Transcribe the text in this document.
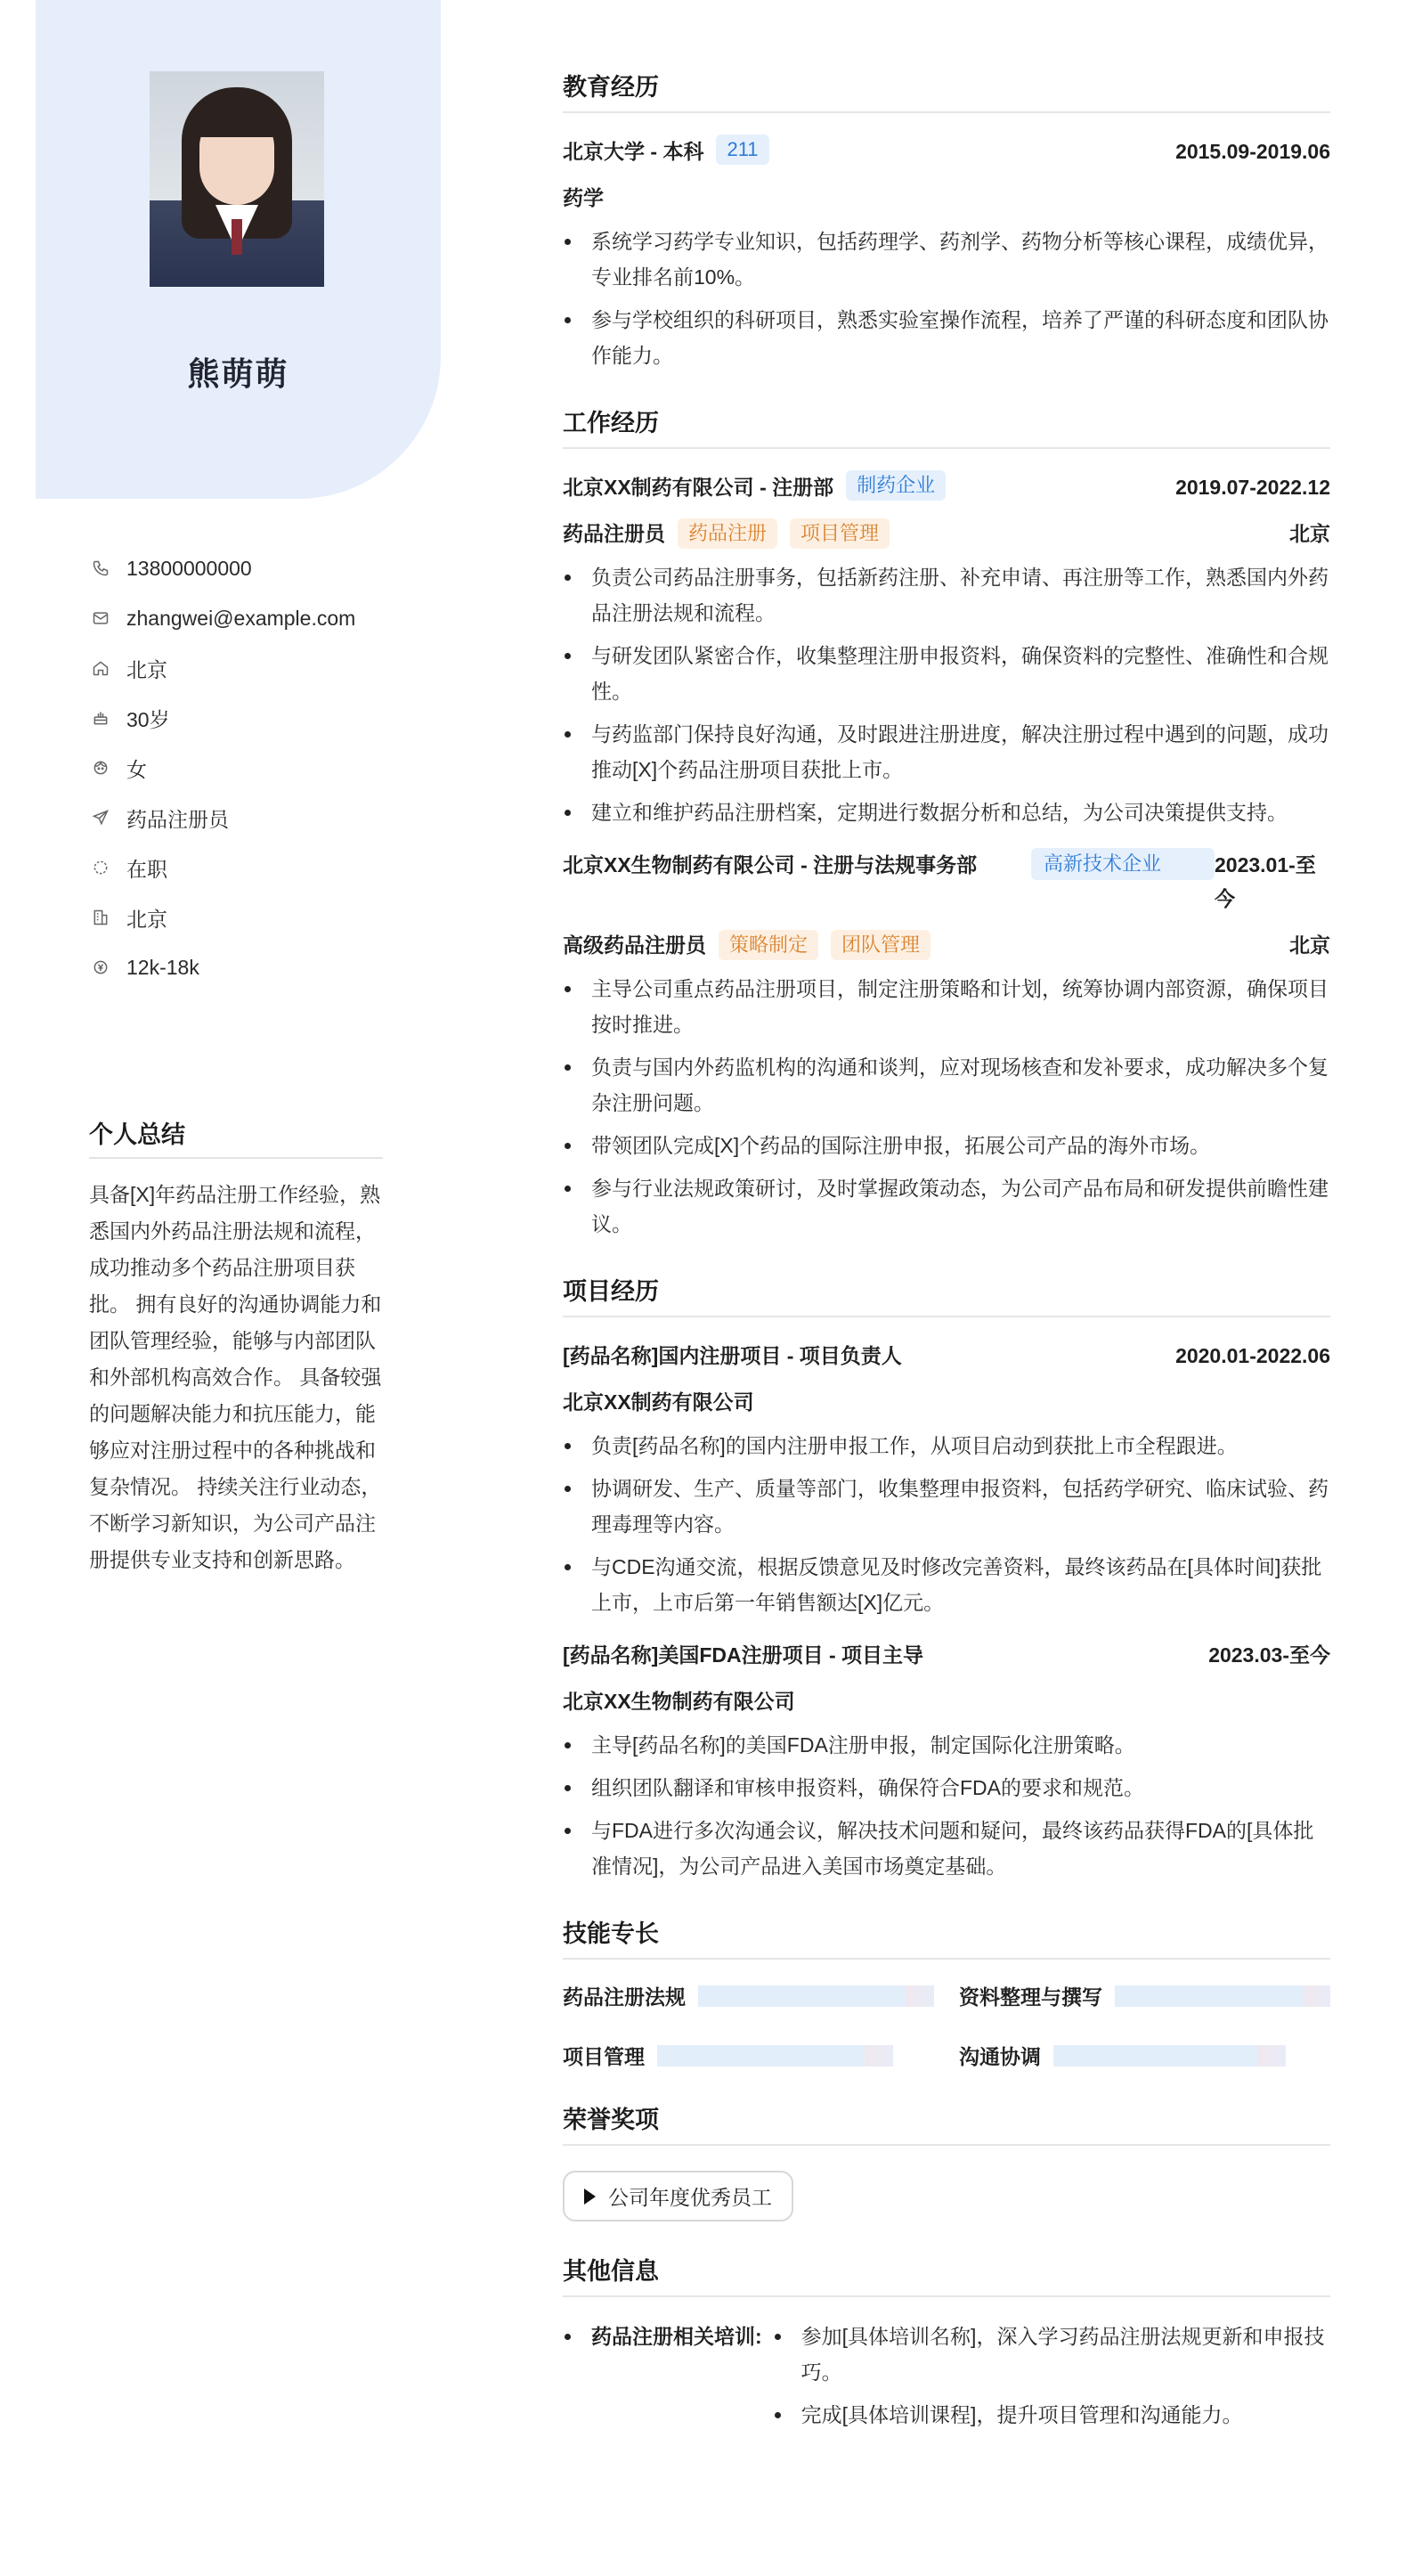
熊萌萌
13800000000
zhangwei@example.com
北京
30岁
女
药品注册员
在职
北京
12k-18k
个人总结

具备[X]年药品注册工作经验，熟悉国内外药品注册法规和流程，成功推动多个药品注册项目获批。 拥有良好的沟通协调能力和团队管理经验，能够与内部团队和外部机构高效合作。 具备较强的问题解决能力和抗压能力，能够应对注册过程中的各种挑战和复杂情况。 持续关注行业动态，不断学习新知识，为公司产品注册提供专业支持和创新思路。

教育经历
北京大学 - 本科	211	2015.09-2019.06
药学
系统学习药学专业知识，包括药理学、药剂学、药物分析等核心课程，成绩优异，专业排名前10%。
参与学校组织的科研项目，熟悉实验室操作流程，培养了严谨的科研态度和团队协作能力。
工作经历
北京XX制药有限公司 - 注册部	制药企业	2019.07-2022.12
药品注册员	药品注册	项目管理	北京
负责公司药品注册事务，包括新药注册、补充申请、再注册等工作，熟悉国内外药品注册法规和流程。
与研发团队紧密合作，收集整理注册申报资料，确保资料的完整性、准确性和合规性。
与药监部门保持良好沟通，及时跟进注册进度，解决注册过程中遇到的问题，成功推动[X]个药品注册项目获批上市。
建立和维护药品注册档案，定期进行数据分析和总结，为公司决策提供支持。
北京XX生物制药有限公司 - 注册与法规事务部	高新技术企业	2023.01-至今
高级药品注册员	策略制定	团队管理	北京
主导公司重点药品注册项目，制定注册策略和计划，统筹协调内部资源，确保项目按时推进。
负责与国内外药监机构的沟通和谈判，应对现场核查和发补要求，成功解决多个复杂注册问题。
带领团队完成[X]个药品的国际注册申报，拓展公司产品的海外市场。
参与行业法规政策研讨，及时掌握政策动态，为公司产品布局和研发提供前瞻性建议。
项目经历
[药品名称]国内注册项目 - 项目负责人	2020.01-2022.06
北京XX制药有限公司
负责[药品名称]的国内注册申报工作，从项目启动到获批上市全程跟进。
协调研发、生产、质量等部门，收集整理申报资料，包括药学研究、临床试验、药理毒理等内容。
与CDE沟通交流，根据反馈意见及时修改完善资料，最终该药品在[具体时间]获批上市，上市后第一年销售额达[X]亿元。
[药品名称]美国FDA注册项目 - 项目主导	2023.03-至今
北京XX生物制药有限公司
主导[药品名称]的美国FDA注册申报，制定国际化注册策略。
组织团队翻译和审核申报资料，确保符合FDA的要求和规范。
与FDA进行多次沟通会议，解决技术问题和疑问，最终该药品获得FDA的[具体批准情况]，为公司产品进入美国市场奠定基础。
技能专长
药品注册法规	资料整理与撰写
项目管理	沟通协调
荣誉奖项
公司年度优秀员工
其他信息
药品注册相关培训:	参加[具体培训名称]，深入学习药品注册法规更新和申报技巧。
完成[具体培训课程]，提升项目管理和沟通能力。
